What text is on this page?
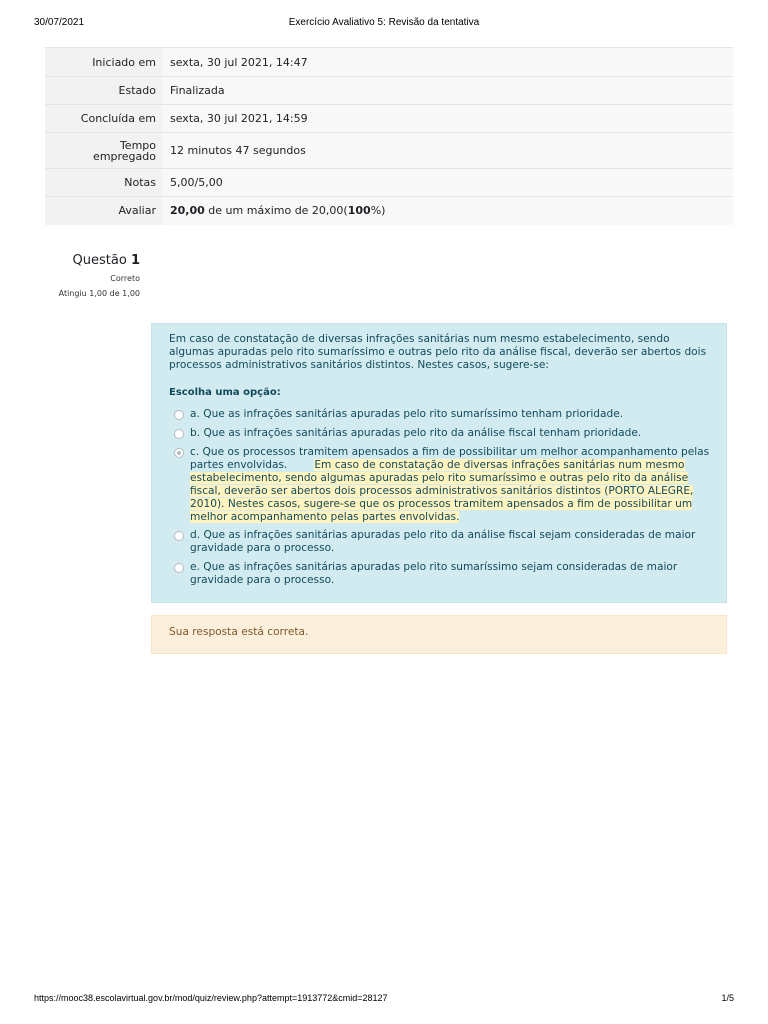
30/07/2021	Exercício Avaliativo 5: Revisão da tentativa
Iniciado em	sexta, 30 jul 2021, 14:47
Estado	Finalizada
Concluída em	sexta, 30 jul 2021, 14:59
Tempo
empregado	12 minutos 47 segundos
Notas	5,00/5,00
Avaliar	20,00 de um máximo de 20,00(100%)
Questão 1
Correto
Atingiu 1,00 de 1,00
Em caso de constatação de diversas infrações sanitárias num mesmo estabelecimento, sendo algumas apuradas pelo rito sumaríssimo e outras pelo rito da análise fiscal, deverão ser abertos dois processos administrativos sanitários distintos. Nestes casos, sugere-se:
Escolha uma opção:
a. Que as infrações sanitárias apuradas pelo rito sumaríssimo tenham prioridade.
b. Que as infrações sanitárias apuradas pelo rito da análise fiscal tenham prioridade.
c. Que os processos tramitem apensados a fim de possibilitar um melhor acompanhamento pelas partes envolvidas.	Em caso de constatação de diversas infrações sanitárias num mesmo estabelecimento, sendo algumas apuradas pelo rito sumaríssimo e outras pelo rito da análise fiscal, deverão ser abertos dois processos administrativos sanitários distintos (PORTO ALEGRE, 2010). Nestes casos, sugere-se que os processos tramitem apensados a fim de possibilitar um melhor acompanhamento pelas partes envolvidas.
d. Que as infrações sanitárias apuradas pelo rito da análise fiscal sejam consideradas de maior gravidade para o processo.
e. Que as infrações sanitárias apuradas pelo rito sumaríssimo sejam consideradas de maior gravidade para o processo.
Sua resposta está correta.
https://mooc38.escolavirtual.gov.br/mod/quiz/review.php?attempt=1913772&cmid=28127	1/5
